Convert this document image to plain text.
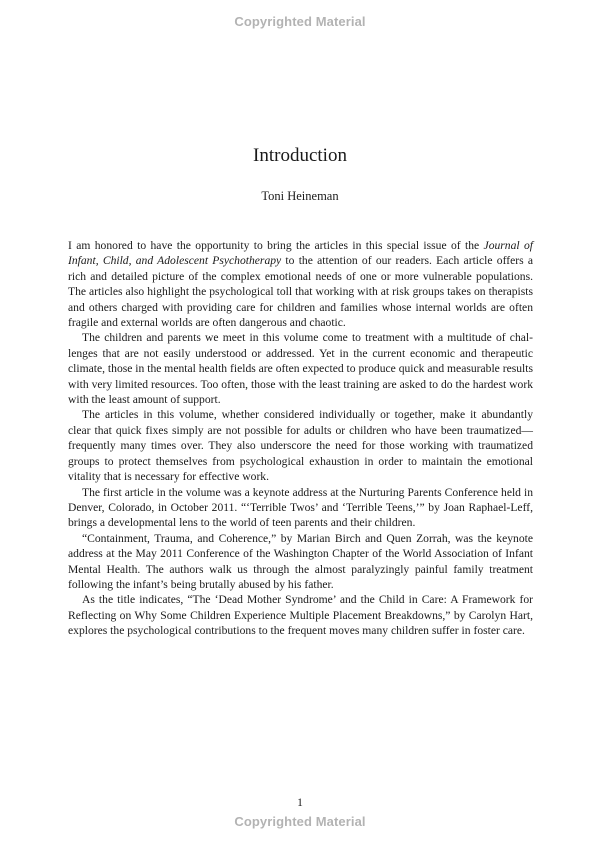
Copyrighted Material
Introduction
Toni Heineman

I am honored to have the opportunity to bring the articles in this special issue of the Journal of Infant, Child, and Adolescent Psychotherapy to the attention of our readers. Each article offers a rich and detailed picture of the complex emotional needs of one or more vulnerable populations. The articles also highlight the psychological toll that working with at risk groups takes on therapists and others charged with providing care for children and families whose internal worlds are often fragile and external worlds are often dangerous and chaotic.

The children and parents we meet in this volume come to treatment with a multitude of challenges that are not easily understood or addressed. Yet in the current economic and therapeutic climate, those in the mental health fields are often expected to produce quick and measurable results with very limited resources. Too often, those with the least training are asked to do the hardest work with the least amount of support.

The articles in this volume, whether considered individually or together, make it abundantly clear that quick fixes simply are not possible for adults or children who have been traumatized—frequently many times over. They also underscore the need for those working with traumatized groups to protect themselves from psychological exhaustion in order to maintain the emotional vitality that is necessary for effective work.

The first article in the volume was a keynote address at the Nurturing Parents Conference held in Denver, Colorado, in October 2011. “‘Terrible Twos’ and ‘Terrible Teens,’” by Joan Raphael-Leff, brings a developmental lens to the world of teen parents and their children.

“Containment, Trauma, and Coherence,” by Marian Birch and Quen Zorrah, was the keynote address at the May 2011 Conference of the Washington Chapter of the World Association of Infant Mental Health. The authors walk us through the almost paralyzingly painful family treatment following the infant’s being brutally abused by his father.

As the title indicates, “The ‘Dead Mother Syndrome’ and the Child in Care: A Framework for Reflecting on Why Some Children Experience Multiple Placement Breakdowns,” by Carolyn Hart, explores the psychological contributions to the frequent moves many children suffer in foster care.

1
Copyrighted Material
